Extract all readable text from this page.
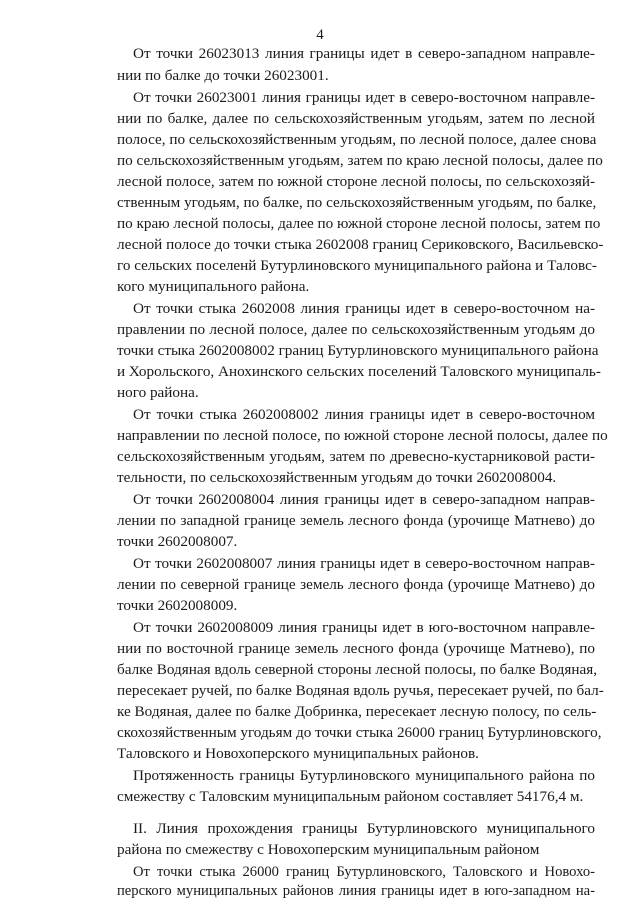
4
От точки 26023013 линия границы идет в северо-западном направле-
нии по балке до точки 26023001.
От точки 26023001 линия границы идет в северо-восточном направле-
нии по балке, далее по сельскохозяйственным угодьям, затем по лесной
полосе, по сельскохозяйственным угодьям, по лесной полосе, далее снова
по сельскохозяйственным угодьям, затем по краю лесной полосы, далее по
лесной полосе, затем по южной стороне лесной полосы, по сельскохозяй-
ственным угодьям, по балке, по сельскохозяйственным угодьям, по балке,
по краю лесной полосы, далее по южной стороне лесной полосы, затем по
лесной полосе до точки стыка 2602008 границ Сериковского, Васильевско-
го сельских поселенй Бутурлиновского муниципального района и Таловс-
кого муниципального района.
От точки стыка 2602008 линия границы идет в северо-восточном на-
правлении по лесной полосе, далее по сельскохозяйственным угодьям до
точки стыка 2602008002 границ Бутурлиновского муниципального района
и Хорольского, Анохинского сельских поселений Таловского муниципаль-
ного района.
От точки стыка 2602008002 линия границы идет в северо-восточном
направлении по лесной полосе, по южной стороне лесной полосы, далее по
сельскохозяйственным угодьям, затем по древесно-кустарниковой расти-
тельности, по сельскохозяйственным угодьям до точки 2602008004.
От точки 2602008004 линия границы идет в северо-западном направ-
лении по западной границе земель лесного фонда (урочище Матнево) до
точки 2602008007.
От точки 2602008007 линия границы идет в северо-восточном направ-
лении по северной границе земель лесного фонда (урочище Матнево) до
точки 2602008009.
От точки 2602008009 линия границы идет в юго-восточном направле-
нии по восточной границе земель лесного фонда (урочище Матнево), по
балке Водяная вдоль северной стороны лесной полосы, по балке Водяная,
пересекает ручей, по балке Водяная вдоль ручья, пересекает ручей, по бал-
ке Водяная, далее по балке Добринка, пересекает лесную полосу, по сель-
скохозяйственным угодьям до точки стыка 26000 границ Бутурлиновского,
Таловского и Новохоперского муниципальных районов.
Протяженность границы Бутурлиновского муниципального района по
смежеству с Таловским муниципальным районом составляет 54176,4 м.
II. Линия прохождения границы Бутурлиновского муниципального
района по смежеству с Новохоперским муниципальным районом
От точки стыка 26000 границ Бутурлиновского, Таловского и Новохо-
перского муниципальных районов линия границы идет в юго-западном на-
